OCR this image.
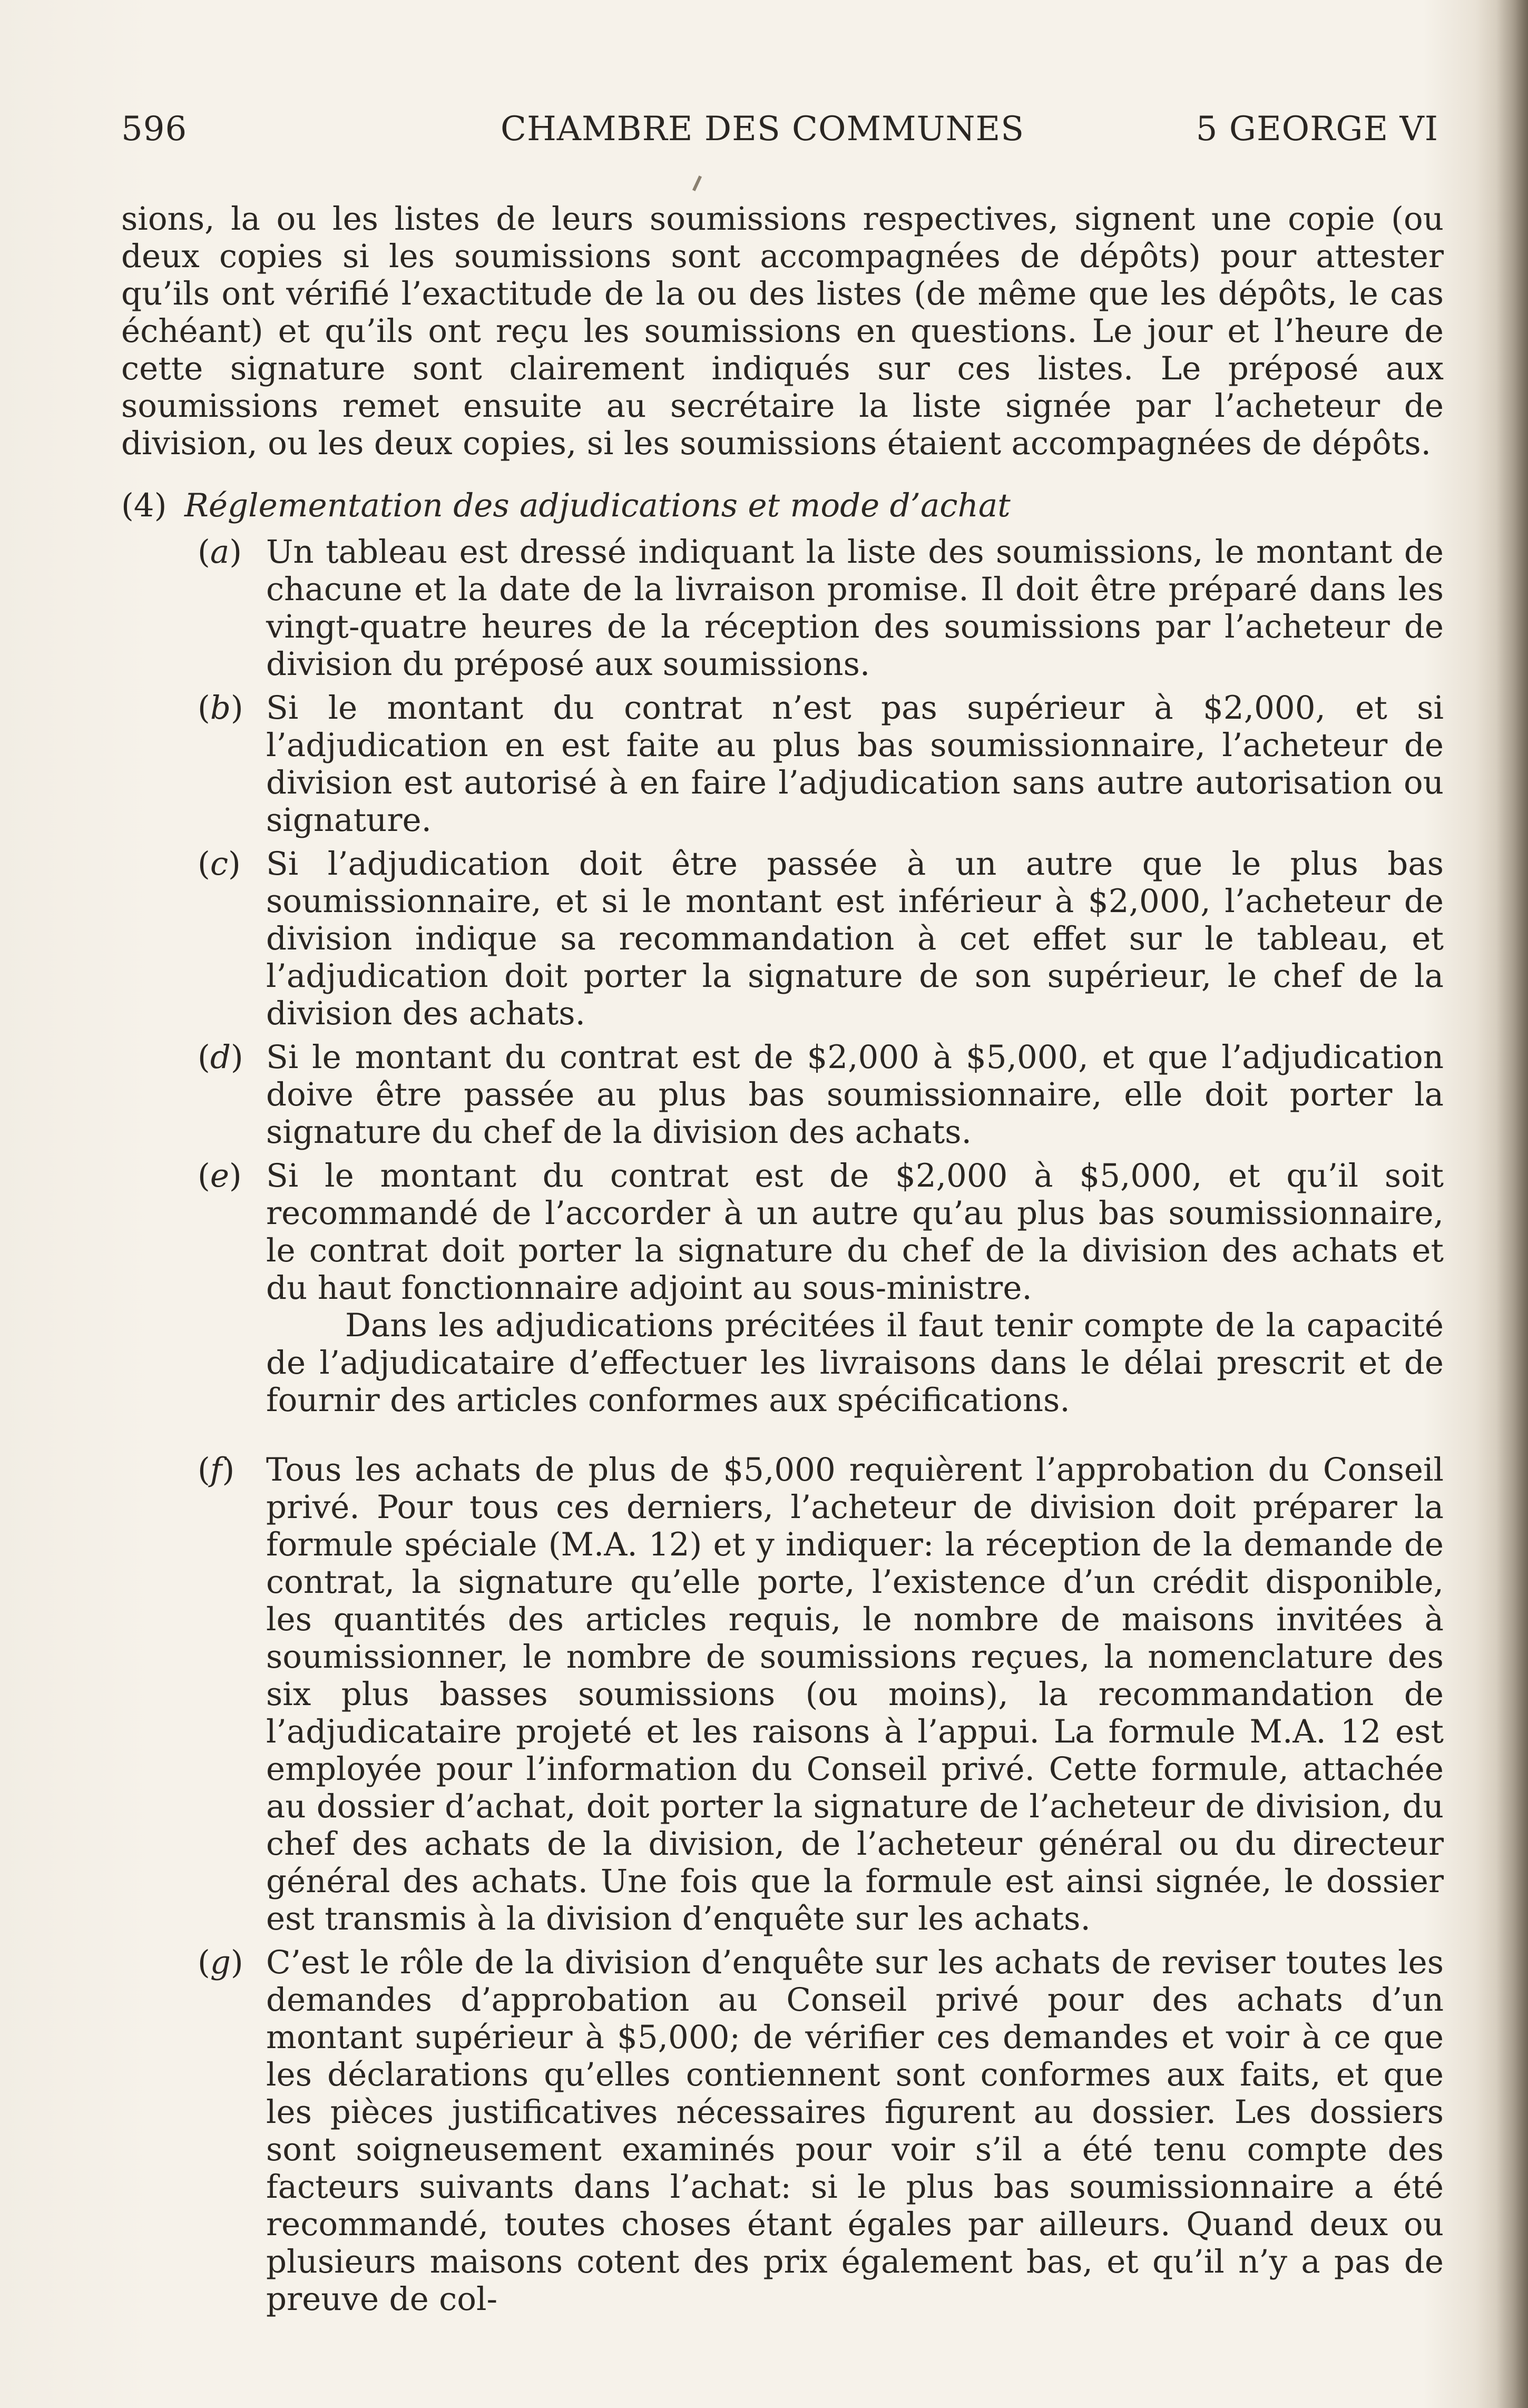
596	CHAMBRE DES COMMUNES	5 GEORGE VI

sions, la ou les listes de leurs soumissions respectives, signent une copie (ou deux copies si les soumissions sont accompagnées de dépôts) pour attester qu’ils ont vérifié l’exactitude de la ou des listes (de même que les dépôts, le cas échéant) et qu’ils ont reçu les soumissions en questions. Le jour et l’heure de cette signature sont clairement indiqués sur ces listes. Le préposé aux soumissions remet ensuite au secrétaire la liste signée par l’acheteur de division, ou les deux copies, si les soumissions étaient accompagnées de dépôts.

(4) Réglementation des adjudications et mode d’achat
(a) Un tableau est dressé indiquant la liste des soumissions, le montant de chacune et la date de la livraison promise. Il doit être préparé dans les vingt-quatre heures de la réception des soumissions par l’acheteur de division du préposé aux soumissions.
(b) Si le montant du contrat n’est pas supérieur à $2,000, et si l’adjudication en est faite au plus bas soumissionnaire, l’acheteur de division est autorisé à en faire l’adjudication sans autre autorisation ou signature.
(c) Si l’adjudication doit être passée à un autre que le plus bas soumissionnaire, et si le montant est inférieur à $2,000, l’acheteur de division indique sa recommandation à cet effet sur le tableau, et l’adjudication doit porter la signature de son supérieur, le chef de la division des achats.
(d) Si le montant du contrat est de $2,000 à $5,000, et que l’adjudication doive être passée au plus bas soumissionnaire, elle doit porter la signature du chef de la division des achats.
(e) Si le montant du contrat est de $2,000 à $5,000, et qu’il soit recommandé de l’accorder à un autre qu’au plus bas soumissionnaire, le contrat doit porter la signature du chef de la division des achats et du haut fonctionnaire adjoint au sous-ministre.

Dans les adjudications précitées il faut tenir compte de la capacité de l’adjudicataire d’effectuer les livraisons dans le délai prescrit et de fournir des articles conformes aux spécifications.

(f) Tous les achats de plus de $5,000 requièrent l’approbation du Conseil privé. Pour tous ces derniers, l’acheteur de division doit préparer la formule spéciale (M.A. 12) et y indiquer: la réception de la demande de contrat, la signature qu’elle porte, l’existence d’un crédit disponible, les quantités des articles requis, le nombre de maisons invitées à soumissionner, le nombre de soumissions reçues, la nomenclature des six plus basses soumissions (ou moins), la recommandation de l’adjudicataire projeté et les raisons à l’appui. La formule M.A. 12 est employée pour l’information du Conseil privé. Cette formule, attachée au dossier d’achat, doit porter la signature de l’acheteur de division, du chef des achats de la division, de l’acheteur général ou du directeur général des achats. Une fois que la formule est ainsi signée, le dossier est transmis à la division d’enquête sur les achats.
(g) C’est le rôle de la division d’enquête sur les achats de reviser toutes les demandes d’approbation au Conseil privé pour des achats d’un montant supérieur à $5,000; de vérifier ces demandes et voir à ce que les déclarations qu’elles contiennent sont conformes aux faits, et que les pièces justificatives nécessaires figurent au dossier. Les dossiers sont soigneusement examinés pour voir s’il a été tenu compte des facteurs suivants dans l’achat: si le plus bas soumissionnaire a été recommandé, toutes choses étant égales par ailleurs. Quand deux ou plusieurs maisons cotent des prix également bas, et qu’il n’y a pas de preuve de col-
